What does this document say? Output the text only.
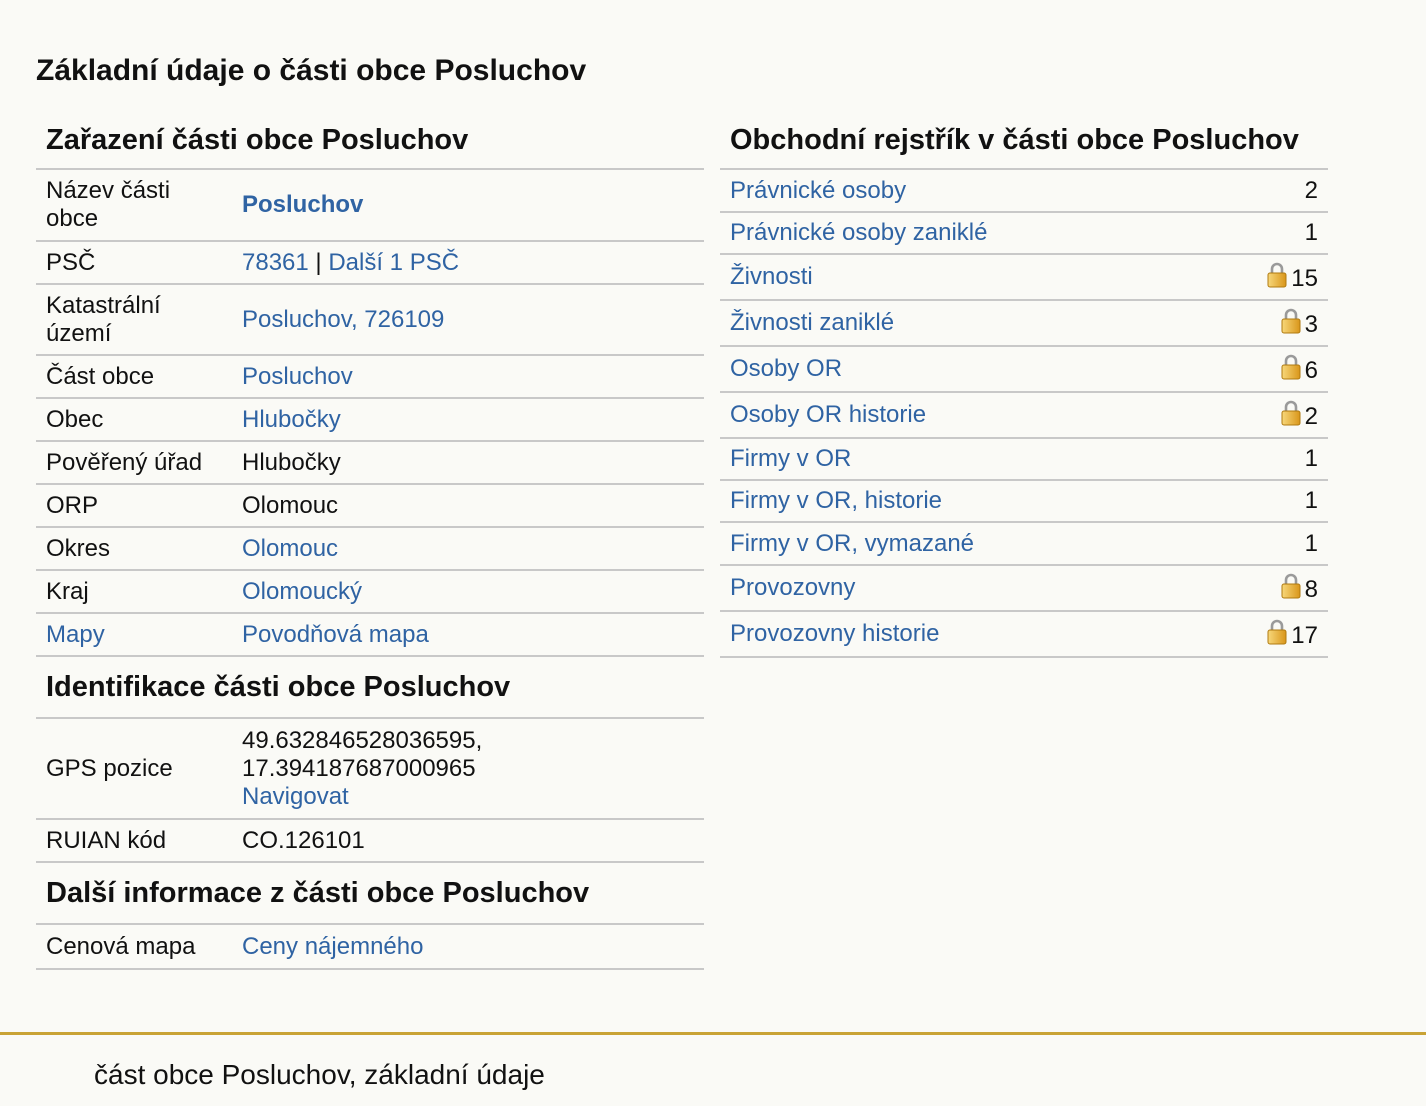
Základní údaje o části obce Posluchov
Zařazení části obce Posluchov
Název části obce	Posluchov
PSČ	78361 | Další 1 PSČ
Katastrální území	Posluchov, 726109
Část obce	Posluchov
Obec	Hlubočky
Pověřený úřad	Hlubočky
ORP	Olomouc
Okres	Olomouc
Kraj	Olomoucký
Mapy	Povodňová mapa
Identifikace části obce Posluchov
GPS pozice	49.632846528036595,
17.394187687000965
Navigovat
RUIAN kód	CO.126101
Další informace z části obce Posluchov
Cenová mapa	Ceny nájemného
Obchodní rejstřík v části obce Posluchov
Právnické osoby	2
Právnické osoby zaniklé	1
Živnosti	15
Živnosti zaniklé	3
Osoby OR	6
Osoby OR historie	2
Firmy v OR	1
Firmy v OR, historie	1
Firmy v OR, vymazané	1
Provozovny	8
Provozovny historie	17
část obce Posluchov, základní údaje
